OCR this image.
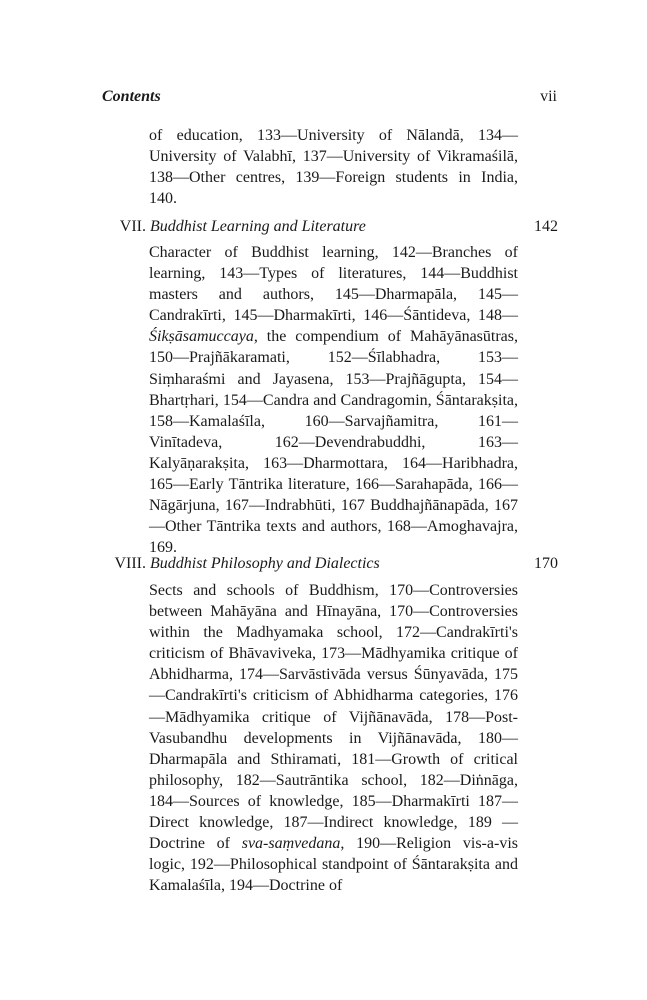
Contents	vii

of education, 133—University of Nālandā, 134—University of Valabhī, 137—University of Vikramaśilā, 138—Other centres, 139—Foreign students in India, 140.

VII. Buddhist Learning and Literature	142

Character of Buddhist learning, 142—Branches of learning, 143—Types of literatures, 144—Buddhist masters and authors, 145—Dharmapāla, 145—Candrakīrti, 145—Dharmakīrti, 146—Śāntideva, 148—Śikṣāsamuccaya, the compendium of Mahāyānasūtras, 150—Prajñākaramati, 152—Śīlabhadra, 153—Siṃharaśmi and Jayasena, 153—Prajñāgupta, 154—Bhartṛhari, 154—Candra and Candragomin, Śāntarakṣita, 158—Kamalaśīla, 160—Sarvajñamitra, 161—Vinītadeva, 162—Devendrabuddhi, 163—Kalyāṇarakṣita, 163—Dharmottara, 164—Haribhadra, 165—Early Tāntrika literature, 166—Sarahapāda, 166—Nāgārjuna, 167—Indrabhūti, 167 Buddhajñānapāda, 167—Other Tāntrika texts and authors, 168—Amoghavajra, 169.

VIII. Buddhist Philosophy and Dialectics	170

Sects and schools of Buddhism, 170—Controversies between Mahāyāna and Hīnayāna, 170—Controversies within the Madhyamaka school, 172—Candrakīrti's criticism of Bhāvaviveka, 173—Mādhyamika critique of Abhidharma, 174—Sarvāstivāda versus Śūnyavāda, 175—Candrakīrti's criticism of Abhidharma categories, 176—Mādhyamika critique of Vijñānavāda, 178—Post-Vasubandhu developments in Vijñānavāda, 180—Dharmapāla and Sthiramati, 181—Growth of critical philosophy, 182—Sautrāntika school, 182—Diṅnāga, 184—Sources of knowledge, 185—Dharmakīrti 187—Direct knowledge, 187—Indirect knowledge, 189 —Doctrine of sva-saṃvedana, 190—Religion vis-a-vis logic, 192—Philosophical standpoint of Śāntarakṣita and Kamalaśīla, 194—Doctrine of
